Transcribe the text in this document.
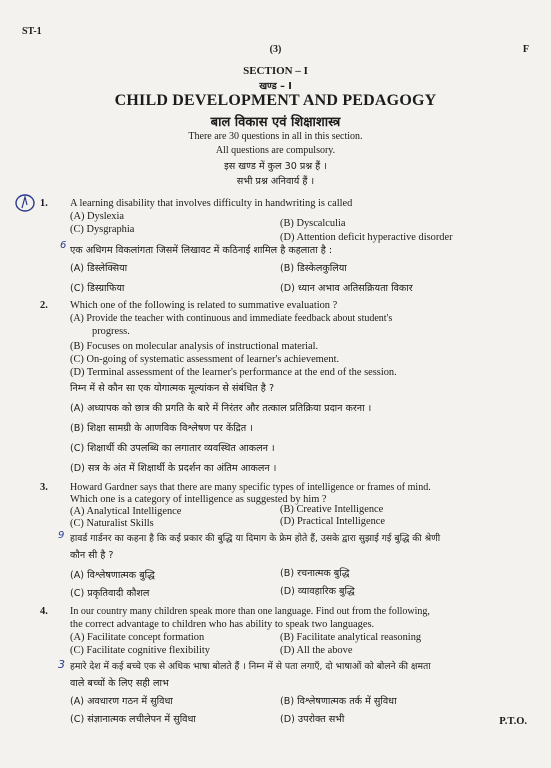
ST-1
(3)	F
SECTION – I
खण्ड – I
CHILD DEVELOPMENT AND PEDAGOGY
बाल विकास एवं शिक्षाशास्त्र
There are 30 questions in all in this section.
All questions are compulsory.
इस खण्ड में कुल 30 प्रश्न हैं ।
सभी प्रश्न अनिवार्य हैं ।
1. A learning disability that involves difficulty in handwriting is called
(A) Dyslexia
(B) Dyscalculia
(C) Dysgraphia
(D) Attention deficit hyperactive disorder
6 एक अधिगम विकलांगता जिसमें लिखावट में कठिनाई शामिल है कहलाता है :
(A) डिस्लेक्सिया	(B) डिस्केलकुलिया
(C) डिस्ग्राफिया	(D) ध्यान अभाव अतिसक्रियता विकार
2. Which one of the following is related to summative evaluation ?
(A) Provide the teacher with continuous and immediate feedback about student's
progress.
(B) Focuses on molecular analysis of instructional material.
(C) On-going of systematic assessment of learner's achievement.
(D) Terminal assessment of the learner's performance at the end of the session.
निम्न में से कौन सा एक योगात्मक मूल्यांकन से संबंधित है ?
(A) अध्यापक को छात्र की प्रगति के बारे में निरंतर और तत्काल प्रतिक्रिया प्रदान करना ।
(B) शिक्षा सामग्री के आणविक विश्लेषण पर केंद्रित ।
(C) शिक्षार्थी की उपलब्धि का लगातार व्यवस्थित आकलन ।
(D) सत्र के अंत में शिक्षार्थी के प्रदर्शन का अंतिम आकलन ।
3. Howard Gardner says that there are many specific types of intelligence or frames of mind.
Which one is a category of intelligence as suggested by him ?
(A) Analytical Intelligence	(B) Creative Intelligence
(C) Naturalist Skills	(D) Practical Intelligence
9 हावर्ड गार्डनर का कहना है कि कई प्रकार की बुद्धि या दिमाग के फ्रेम होते हैं, उसके द्वारा सुझाई गई बुद्धि की श्रेणी
कौन सी है ?
(A) विश्लेषणात्मक बुद्धि	(B) रचनात्मक बुद्धि
(C) प्रकृतिवादी कौशल	(D) व्यावहारिक बुद्धि
4. In our country many children speak more than one language. Find out from the following,
the correct advantage to children who has ability to speak two languages.
(A) Facilitate concept formation	(B) Facilitate analytical reasoning
(C) Facilitate cognitive flexibility	(D) All the above
3 हमारे देश में कई बच्चे एक से अधिक भाषा बोलते हैं । निम्न में से पता लगाएँ, दो भाषाओं को बोलने की क्षमता
वाले बच्चों के लिए सही लाभ
(A) अवधारण गठन में सुविधा	(B) विश्लेषणात्मक तर्क में सुविधा
(C) संज्ञानात्मक लचीलेपन में सुविधा	(D) उपरोक्त सभी	P.T.O.
